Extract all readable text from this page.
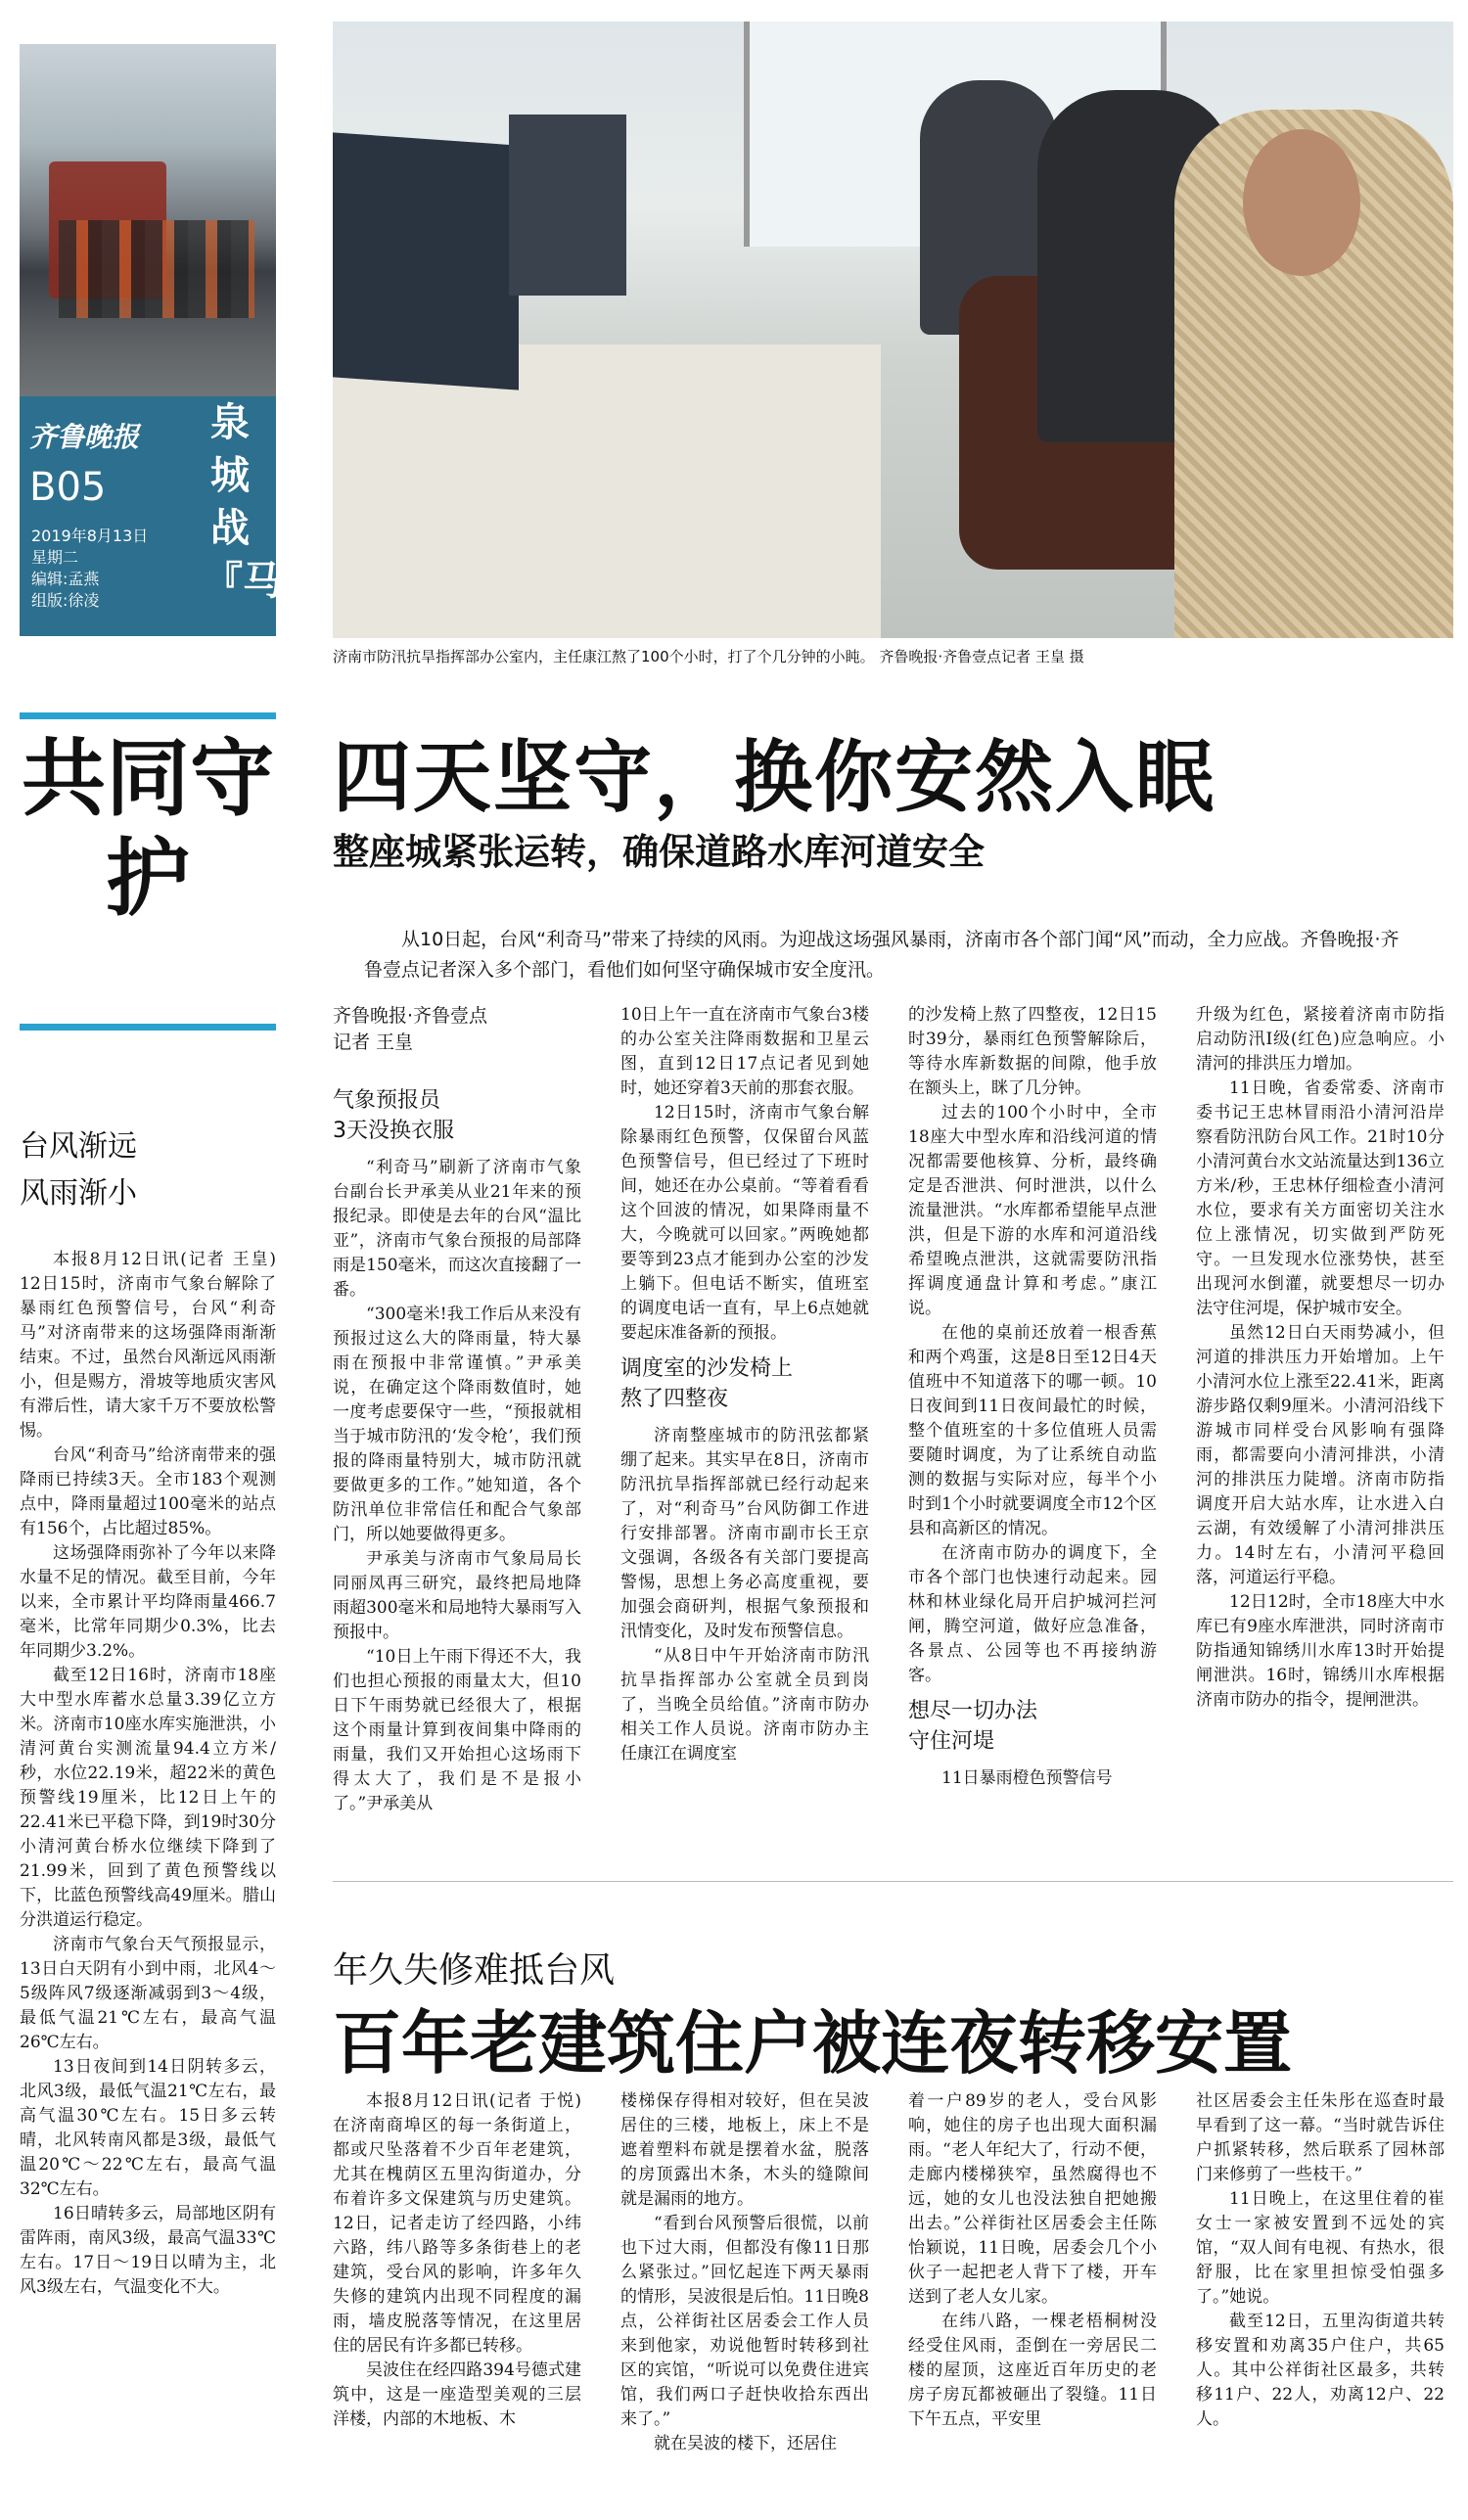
齐鲁晚报
B05
2019年8月13日
星期二
编辑:孟燕
组版:徐凌
泉城战『马』
济南市防汛抗旱指挥部办公室内，主任康江熬了100个小时，打了个几分钟的小盹。 齐鲁晚报·齐鲁壹点记者 王皇 摄
共同守护
台风渐远
风雨渐小

本报8月12日讯(记者 王皇) 12日15时，济南市气象台解除了暴雨红色预警信号，台风“利奇马”对济南带来的这场强降雨渐渐结束。不过，虽然台风渐远风雨渐小，但是赐方，滑坡等地质灾害风有滞后性，请大家千万不要放松警惕。

台风“利奇马”给济南带来的强降雨已持续3天。全市183个观测点中，降雨量超过100毫米的站点有156个，占比超过85%。

这场强降雨弥补了今年以来降水量不足的情况。截至目前，今年以来，全市累计平均降雨量466.7毫米，比常年同期少0.3%，比去年同期少3.2%。

截至12日16时，济南市18座大中型水库蓄水总量3.39亿立方米。济南市10座水库实施泄洪，小清河黄台实测流量94.4立方米/秒，水位22.19米，超22米的黄色预警线19厘米，比12日上午的22.41米已平稳下降，到19时30分小清河黄台桥水位继续下降到了21.99米，回到了黄色预警线以下，比蓝色预警线高49厘米。腊山分洪道运行稳定。

济南市气象台天气预报显示，13日白天阴有小到中雨，北风4～5级阵风7级逐渐减弱到3～4级，最低气温21℃左右，最高气温26℃左右。

13日夜间到14日阴转多云，北风3级，最低气温21℃左右，最高气温30℃左右。15日多云转晴，北风转南风都是3级，最低气温20℃～22℃左右，最高气温32℃左右。

16日晴转多云，局部地区阴有雷阵雨，南风3级，最高气温33℃左右。17日～19日以晴为主，北风3级左右，气温变化不大。

四天坚守，换你安然入眠
整座城紧张运转，确保道路水库河道安全
从10日起，台风“利奇马”带来了持续的风雨。为迎战这场强风暴雨，济南市各个部门闻“风”而动，全力应战。齐鲁晚报·齐鲁壹点记者深入多个部门，看他们如何坚守确保城市安全度汛。

齐鲁晚报·齐鲁壹点
记者 王皇

气象预报员
3天没换衣服

“利奇马”刷新了济南市气象台副台长尹承美从业21年来的预报纪录。即使是去年的台风“温比亚”，济南市气象台预报的局部降雨是150毫米，而这次直接翻了一番。

“300毫米!我工作后从来没有预报过这么大的降雨量，特大暴雨在预报中非常谨慎。”尹承美说，在确定这个降雨数值时，她一度考虑要保守一些，“预报就相当于城市防汛的‘发令枪’，我们预报的降雨量特别大，城市防汛就要做更多的工作。”她知道，各个防汛单位非常信任和配合气象部门，所以她要做得更多。

尹承美与济南市气象局局长同丽凤再三研究，最终把局地降雨超300毫米和局地特大暴雨写入预报中。

“10日上午雨下得还不大，我们也担心预报的雨量太大，但10日下午雨势就已经很大了，根据这个雨量计算到夜间集中降雨的雨量，我们又开始担心这场雨下得太大了，我们是不是报小了。”尹承美从

10日上午一直在济南市气象台3楼的办公室关注降雨数据和卫星云图，直到12日17点记者见到她时，她还穿着3天前的那套衣服。

12日15时，济南市气象台解除暴雨红色预警，仅保留台风蓝色预警信号，但已经过了下班时间，她还在办公桌前。“等着看看这个回波的情况，如果降雨量不大，今晚就可以回家。”两晚她都要等到23点才能到办公室的沙发上躺下。但电话不断实，值班室的调度电话一直有，早上6点她就要起床准备新的预报。

调度室的沙发椅上
熬了四整夜

济南整座城市的防汛弦都紧绷了起来。其实早在8日，济南市防汛抗旱指挥部就已经行动起来了，对“利奇马”台风防御工作进行安排部署。济南市副市长王京文强调，各级各有关部门要提高警惕，思想上务必高度重视，要加强会商研判，根据气象预报和汛情变化，及时发布预警信息。

“从8日中午开始济南市防汛抗旱指挥部办公室就全员到岗了，当晚全员给值。”济南市防办相关工作人员说。济南市防办主任康江在调度室

的沙发椅上熬了四整夜，12日15时39分，暴雨红色预警解除后，等待水库新数据的间隙，他手放在额头上，眯了几分钟。

过去的100个小时中，全市18座大中型水库和沿线河道的情况都需要他核算、分析，最终确定是否泄洪、何时泄洪，以什么流量泄洪。“水库都希望能早点泄洪，但是下游的水库和河道沿线希望晚点泄洪，这就需要防汛指挥调度通盘计算和考虑。”康江说。

在他的桌前还放着一根香蕉和两个鸡蛋，这是8日至12日4天值班中不知道落下的哪一顿。10日夜间到11日夜间最忙的时候，整个值班室的十多位值班人员需要随时调度，为了让系统自动监测的数据与实际对应，每半个小时到1个小时就要调度全市12个区县和高新区的情况。

在济南市防办的调度下，全市各个部门也快速行动起来。园林和林业绿化局开启护城河拦河闸，腾空河道，做好应急准备，各景点、公园等也不再接纳游客。

想尽一切办法
守住河堤

11日暴雨橙色预警信号

升级为红色，紧接着济南市防指启动防汛Ⅰ级(红色)应急响应。小清河的排洪压力增加。

11日晚，省委常委、济南市委书记王忠林冒雨沿小清河沿岸察看防汛防台风工作。21时10分小清河黄台水文站流量达到136立方米/秒，王忠林仔细检查小清河水位，要求有关方面密切关注水位上涨情况，切实做到严防死守。一旦发现水位涨势快，甚至出现河水倒灌，就要想尽一切办法守住河堤，保护城市安全。

虽然12日白天雨势减小，但河道的排洪压力开始增加。上午小清河水位上涨至22.41米，距离游步路仅剩9厘米。小清河沿线下游城市同样受台风影响有强降雨，都需要向小清河排洪，小清河的排洪压力陡增。济南市防指调度开启大站水库，让水进入白云湖，有效缓解了小清河排洪压力。14时左右，小清河平稳回落，河道运行平稳。

12日12时，全市18座大中水库已有9座水库泄洪，同时济南市防指通知锦绣川水库13时开始提闸泄洪。16时，锦绣川水库根据济南市防办的指令，提闸泄洪。

年久失修难抵台风
百年老建筑住户被连夜转移安置

本报8月12日讯(记者 于悦) 在济南商埠区的每一条街道上，都或尺坠落着不少百年老建筑，尤其在槐荫区五里沟街道办，分布着许多文保建筑与历史建筑。12日，记者走访了经四路，小纬六路，纬八路等多条街巷上的老建筑，受台风的影响，许多年久失修的建筑内出现不同程度的漏雨，墙皮脱落等情况，在这里居住的居民有许多都已转移。

吴波住在经四路394号德式建筑中，这是一座造型美观的三层洋楼，内部的木地板、木

楼梯保存得相对较好，但在吴波居住的三楼，地板上，床上不是遮着塑料布就是摆着水盆，脱落的房顶露出木条，木头的缝隙间就是漏雨的地方。

“看到台风预警后很慌，以前也下过大雨，但都没有像11日那么紧张过。”回忆起连下两天暴雨的情形，吴波很是后怕。11日晚8点，公祥街社区居委会工作人员来到他家，劝说他暂时转移到社区的宾馆，“听说可以免费住进宾馆，我们两口子赶快收拾东西出来了。”

就在吴波的楼下，还居住

着一户89岁的老人，受台风影响，她住的房子也出现大面积漏雨。“老人年纪大了，行动不便，走廊内楼梯狭窄，虽然腐得也不远，她的女儿也没法独自把她搬出去。”公祥街社区居委会主任陈怡颖说，11日晚，居委会几个小伙子一起把老人背下了楼，开车送到了老人女儿家。

在纬八路，一棵老梧桐树没经受住风雨，歪倒在一旁居民二楼的屋顶，这座近百年历史的老房子房瓦都被砸出了裂缝。11日下午五点，平安里

社区居委会主任朱彤在巡查时最早看到了这一幕。“当时就告诉住户抓紧转移，然后联系了园林部门来修剪了一些枝干。”

11日晚上，在这里住着的崔女士一家被安置到不远处的宾馆，“双人间有电视、有热水，很舒服，比在家里担惊受怕强多了。”她说。

截至12日，五里沟街道共转移安置和劝离35户住户，共65人。其中公祥街社区最多，共转移11户、22人，劝离12户、22人。
